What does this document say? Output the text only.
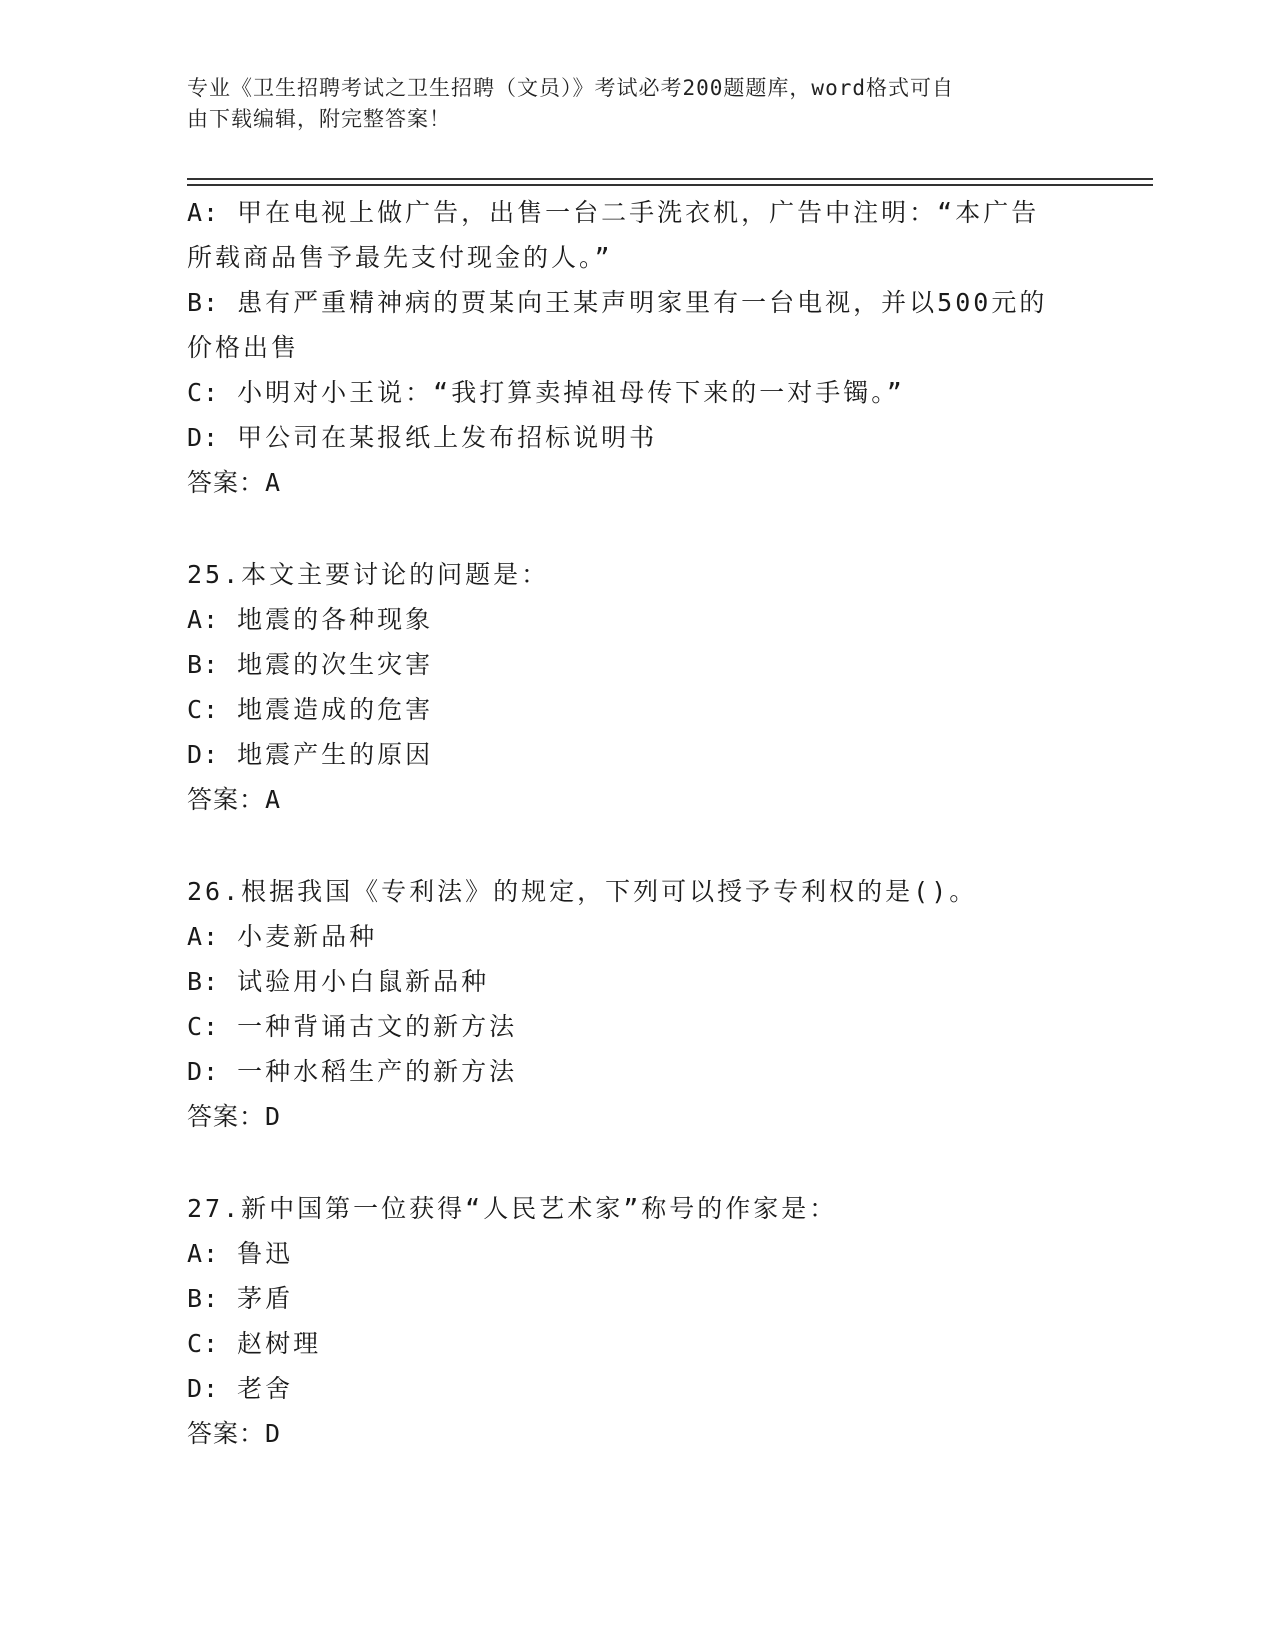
专业《卫生招聘考试之卫生招聘（文员）》考试必考200题题库，word格式可自
由下载编辑，附完整答案！
A: 甲在电视上做广告，出售一台二手洗衣机，广告中注明：“本广告
所载商品售予最先支付现金的人。”
B: 患有严重精神病的贾某向王某声明家里有一台电视，并以500元的
价格出售
C: 小明对小王说：“我打算卖掉祖母传下来的一对手镯。”
D: 甲公司在某报纸上发布招标说明书
答案：A
25.本文主要讨论的问题是：
A: 地震的各种现象
B: 地震的次生灾害
C: 地震造成的危害
D: 地震产生的原因
答案：A
26.根据我国《专利法》的规定，下列可以授予专利权的是()。
A: 小麦新品种
B: 试验用小白鼠新品种
C: 一种背诵古文的新方法
D: 一种水稻生产的新方法
答案：D
27.新中国第一位获得“人民艺术家”称号的作家是：
A: 鲁迅
B: 茅盾
C: 赵树理
D: 老舍
答案：D
